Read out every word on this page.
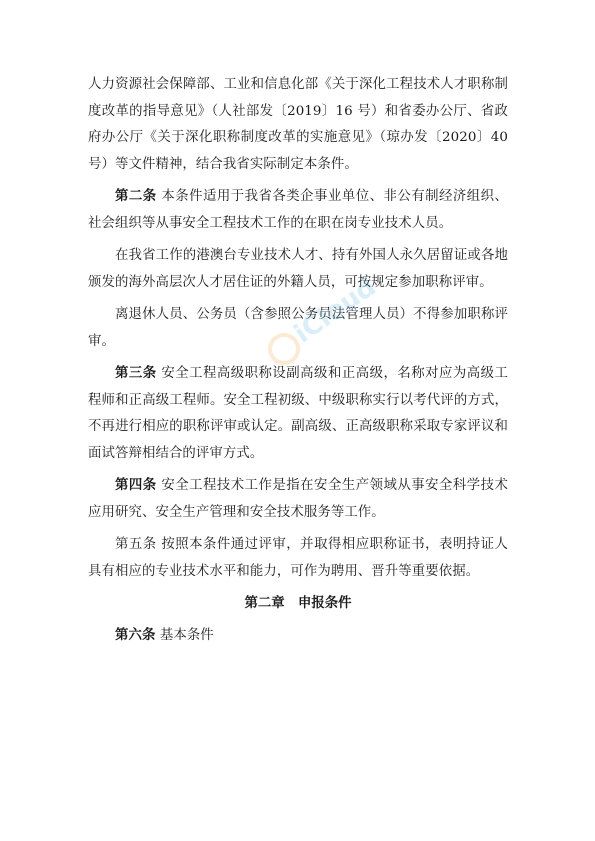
人力资源社会保障部、工业和信息化部《关于深化工程技术人才职称制度改革的指导意见》（人社部发〔2019〕16 号）和省委办公厅、省政府办公厅《关于深化职称制度改革的实施意见》（琼办发〔2020〕40 号）等文件精神，结合我省实际制定本条件。

第二条 本条件适用于我省各类企事业单位、非公有制经济组织、社会组织等从事安全工程技术工作的在职在岗专业技术人员。

在我省工作的港澳台专业技术人才、持有外国人永久居留证或各地颁发的海外高层次人才居住证的外籍人员，可按规定参加职称评审。

离退休人员、公务员（含参照公务员法管理人员）不得参加职称评审。

第三条 安全工程高级职称设副高级和正高级，名称对应为高级工程师和正高级工程师。安全工程初级、中级职称实行以考代评的方式，不再进行相应的职称评审或认定。副高级、正高级职称采取专家评议和面试答辩相结合的评审方式。

第四条 安全工程技术工作是指在安全生产领域从事安全科学技术应用研究、安全生产管理和安全技术服务等工作。

第五条 按照本条件通过评审，并取得相应职称证书，表明持证人具有相应的专业技术水平和能力，可作为聘用、晋升等重要依据。

第二章　申报条件

第六条 基本条件

iCloud
